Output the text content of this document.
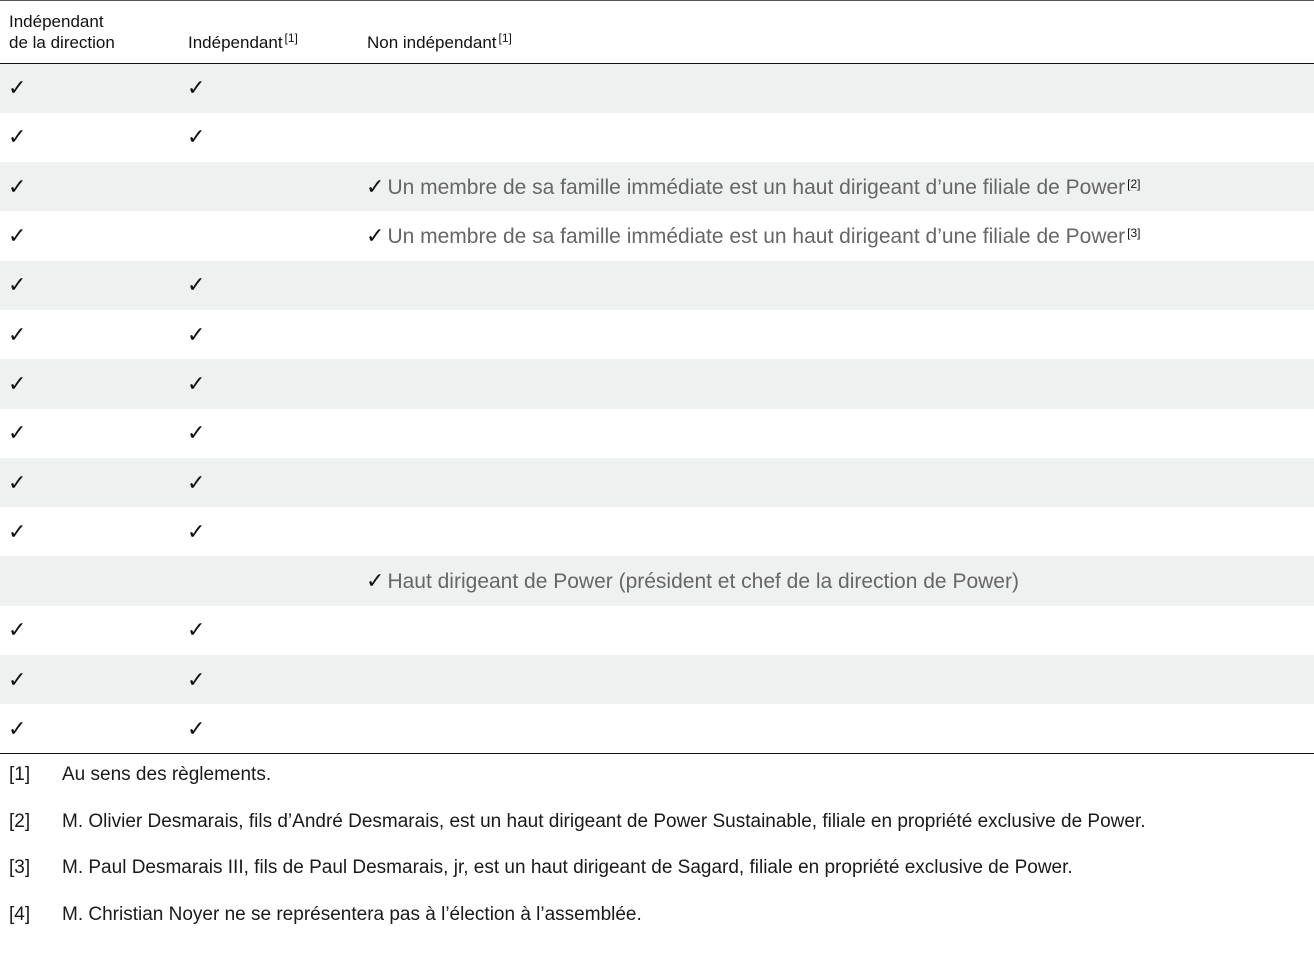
Indépendant
de la direction	Indépendant [1]	Non indépendant [1]
✓	✓	
✓	✓	
✓		✓ Un membre de sa famille immédiate est un haut dirigeant d’une filiale de Power [2]
✓		✓ Un membre de sa famille immédiate est un haut dirigeant d’une filiale de Power [3]
✓	✓	
✓	✓	
✓	✓	
✓	✓	
✓	✓	
✓	✓	
		✓ Haut dirigeant de Power (président et chef de la direction de Power)
✓	✓	
✓	✓	
✓	✓	
[1]	Au sens des règlements.
[2]	M. Olivier Desmarais, fils d’André Desmarais, est un haut dirigeant de Power Sustainable, filiale en propriété exclusive de Power.
[3]	M. Paul Desmarais III, fils de Paul Desmarais, jr, est un haut dirigeant de Sagard, filiale en propriété exclusive de Power.
[4]	M. Christian Noyer ne se représentera pas à l’élection à l’assemblée.
